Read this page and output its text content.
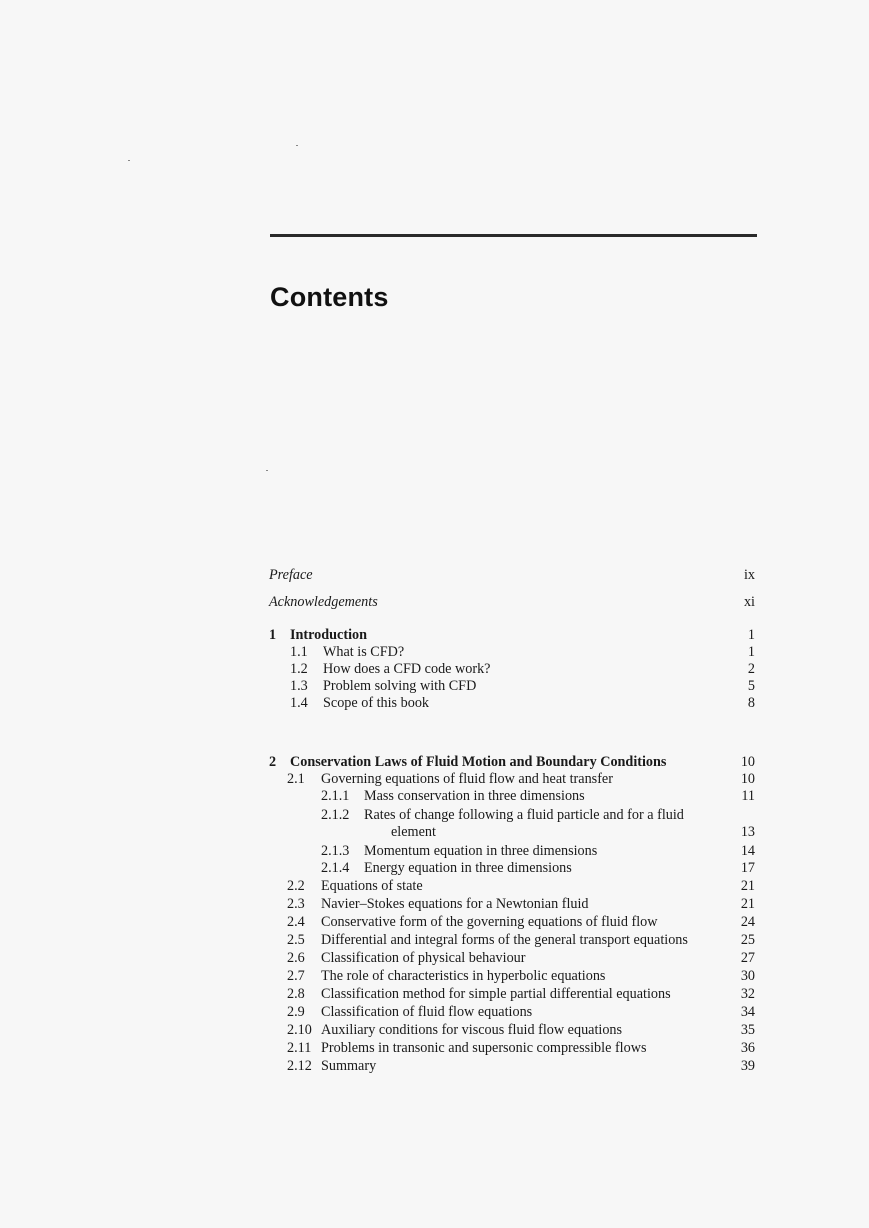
Contents
Preface	ix
Acknowledgements	xi
1 Introduction	1
1.1 What is CFD?	1
1.2 How does a CFD code work?	2
1.3 Problem solving with CFD	5
1.4 Scope of this book	8
2 Conservation Laws of Fluid Motion and Boundary Conditions	10
2.1 Governing equations of fluid flow and heat transfer	10
2.1.1 Mass conservation in three dimensions	11
2.1.2 Rates of change following a fluid particle and for a fluid
element	13
2.1.3 Momentum equation in three dimensions	14
2.1.4 Energy equation in three dimensions	17
2.2 Equations of state	21
2.3 Navier–Stokes equations for a Newtonian fluid	21
2.4 Conservative form of the governing equations of fluid flow	24
2.5 Differential and integral forms of the general transport equations	25
2.6 Classification of physical behaviour	27
2.7 The role of characteristics in hyperbolic equations	30
2.8 Classification method for simple partial differential equations	32
2.9 Classification of fluid flow equations	34
2.10 Auxiliary conditions for viscous fluid flow equations	35
2.11 Problems in transonic and supersonic compressible flows	36
2.12 Summary	39
